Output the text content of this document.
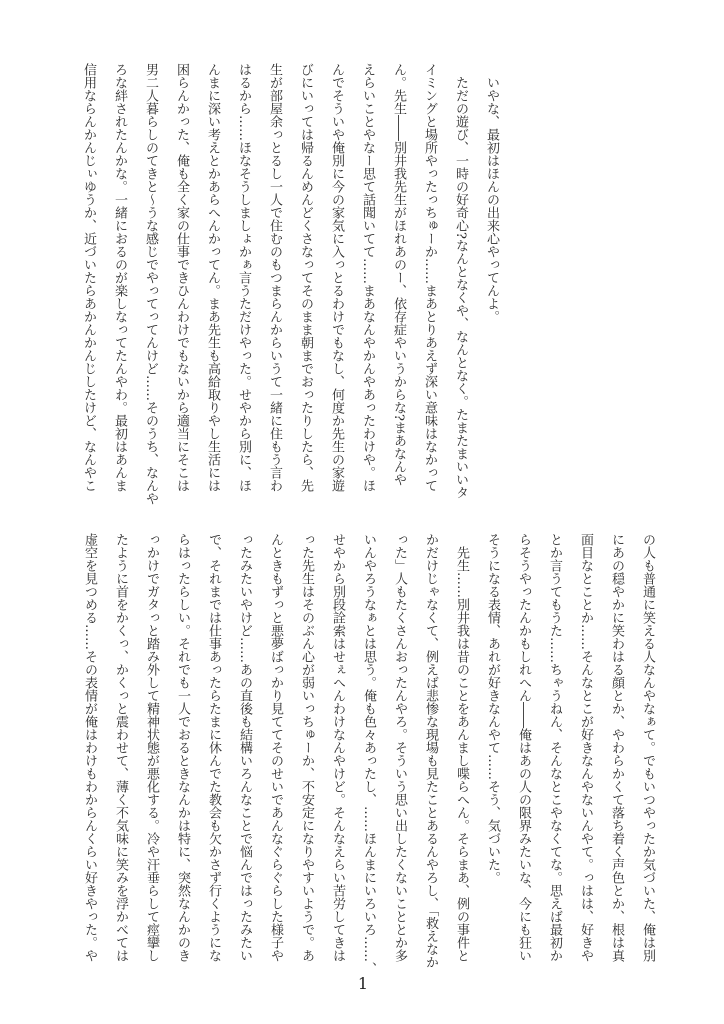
いやな、最初はほんの出来心やってんよ。
ただの遊び、一時の好奇心?なんとなくや、なんとなく。たまたまいいタ
イミングと場所やったっちゅーか……まあとりあえず深い意味はなかって
ん。先生――別井我先生がほれあのー、依存症やいうからな?まあなんや
えらいことやなー思て話聞いてて……まあなんやかんやあったわけや。ほ
んでそういや俺別に今の家気に入っとるわけでもなし、何度か先生の家遊
びにいっては帰るんめんどくさなってそのまま朝までおったりしたら、先
生が部屋余っとるし一人で住むのもつまらんからいうて一緒に住もう言わ
はるから……ほなそうしましょかぁ言うただけやった。せやから別に、ほ
んまに深い考えとかあらへんかってん。まあ先生も高給取りやし生活には
困らんかった、俺も全く家の仕事できひんわけでもないから適当にそこは
男二人暮らしのてきと〜うな感じでやってってんけど……そのうち、なんや
ろな絆されたんかな。一緒におるのが楽しなってたんやわ。最初はあんま
信用ならんかんじぃゆうか、近づいたらあかんかんじしたけど、なんやこ
の人も普通に笑える人なんやなぁて。でもいつやったか気づいた、俺は別
にあの穏やかに笑わはる顔とか、やわらかくて落ち着く声色とか、根は真
面目なとことか……そんなとこが好きなんやないんやて。っはは、好きや
とか言うてもうた……ちゃうねん、そんなとこやなくてな。思えば最初か
らそうやったんかもしれへん――俺はあの人の限界みたいな、今にも狂い
そうになる表情、あれが好きなんやて……そう、気づいた。
先生……別井我は昔のことをあんまし喋らへん。そらまあ、例の事件と
かだけじゃなくて、例えば悲惨な現場も見たことあるんやろし、「救えなか
った」人もたくさんおったんやろ。そういう思い出したくないこととか多
いんやろうなぁとは思う。俺も色々あったし、……ほんまにいろいろ……、
せやから別段詮索はせぇへんわけなんやけど。そんなえらい苦労してきは
った先生はそのぶん心が弱いっちゅーか、不安定になりやすいようで。あ
んときもずっと悪夢ばっかり見ててそのせいであんなぐらぐらした様子や
ったみたいやけど……あの直後も結構いろんなことで悩んではったみたい
で、それまでは仕事あったらたまに休んでた教会も欠かさず行くようにな
らはったらしい。それでも一人でおるときなんかは特に、突然なんかのき
っかけでガタっと踏み外して精神状態が悪化する。冷や汗垂らして痙攣し
たように首をかくっ、かくっと震わせて、薄く不気味に笑みを浮かべては
虚空を見つめる……その表情が俺はわけもわからんくらい好きやった。や
1
